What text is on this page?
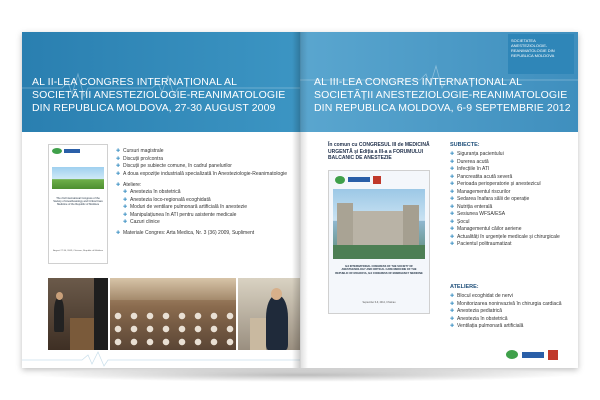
AL II-LEA CONGRES INTERNAȚIONAL AL SOCIETĂȚII ANESTEZIOLOGIE-REANIMATOLOGIE DIN REPUBLICA MOLDOVA, 27-30 AUGUST 2009
The 2nd International Congress of the Society of Anesthesiology and Critical Care Medicine of the Republic of Moldova
August 27-30, 2009, Chisinau, Republic of Moldova
✚ Cursuri magistrale
✚ Discuții pro/contra
✚ Discuții pe subiecte comune, în cadrul panelurilor
✚ A douа expoziție industrială specializată în Anesteziologie-Reanimatologie
✚ Ateliere:
✚ Anestezia în obstetrică
✚ Anestezia loco-regională ecoghidată
✚ Moduri de ventilare pulmonară artificială în anestezie
✚ Manipulațiunea în ATI pentru asistente medicale
✚ Cazuri clinice
✚ Materiale Congres: Arta Medica, Nr. 3 (36) 2009, Supliment
SOCIETATEA ANESTEZIOLOGIE-REANIMATOLOGIE DIN REPUBLICA MOLDOVA
AL III-LEA CONGRES INTERNAȚIONAL AL SOCIETĂȚII ANESTEZIOLOGIE-REANIMATOLOGIE DIN REPUBLICA MOLDOVA, 6-9 SEPTEMBRIE 2012
În comun cu CONGRESUL III de MEDICINĂ URGENTĂ și Ediția a III-a a FORUMULUI BALCANIC DE ANESTEZIE
3rd INTERNATIONAL CONGRESS OF THE SOCIETY OF ANESTHESIOLOGY AND CRITICAL CARE MEDICINE OF THE REPUBLIC OF MOLDOVA, 3rd CONGRESS OF EMERGENCY MEDICINE
September 6-9, 2012, Chisinau
SUBIECTE:
✚ Siguranța pacientului
✚ Durerea acută
✚ Infecțiile în ATI
✚ Pancreatita acută severă
✚ Perioada perioperatorie și anestezicul
✚ Managementul riscurilor
✚ Sedarea înafara sălii de operație
✚ Nutriția enterală
✚ Sesiunea WFSA/ESA
✚ Șocul
✚ Managementul căilor aeriene
✚ Actualități în urgențele medicale și chirurgicale
✚ Pacientul politraumatizat
ATELIERE:
✚ Blocul ecoghidat de nervi
✚ Monitorizarea noninvazivă în chirurgia cardiacă
✚ Anestezia pediatrică
✚ Anestezia în obstetrică
✚ Ventilația pulmonară artificială
